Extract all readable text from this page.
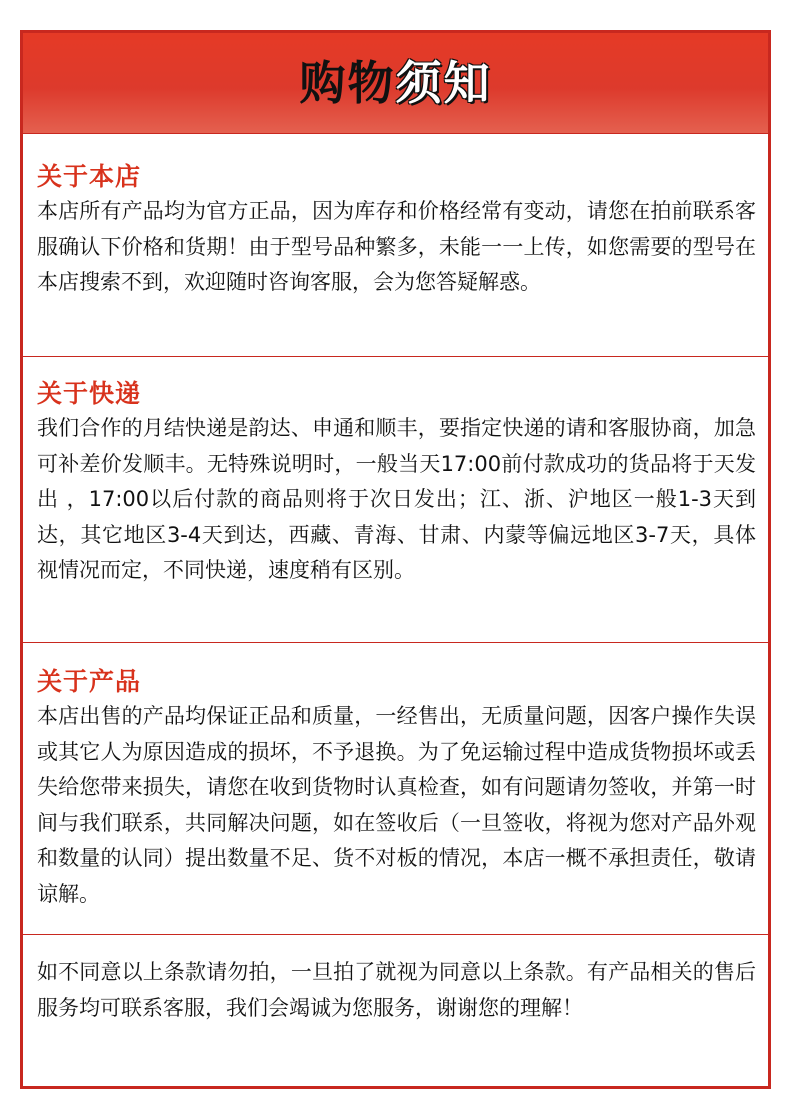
购物须知
关于本店
本店所有产品均为官方正品，因为库存和价格经常有变动，请您在拍前联系客服确认下价格和货期！由于型号品种繁多，未能一一上传，如您需要的型号在本店搜索不到，欢迎随时咨询客服，会为您答疑解惑。
关于快递
我们合作的月结快递是韵达、申通和顺丰，要指定快递的请和客服协商，加急可补差价发顺丰。无特殊说明时，一般当天17:00前付款成功的货品将于天发出 ，17:00以后付款的商品则将于次日发出；江、浙、沪地区一般1-3天到达，其它地区3-4天到达，西藏、青海、甘肃、内蒙等偏远地区3-7天，具体视情况而定，不同快递，速度稍有区别。
关于产品
本店出售的产品均保证正品和质量，一经售出，无质量问题，因客户操作失误或其它人为原因造成的损坏，不予退换。为了免运输过程中造成货物损坏或丢失给您带来损失，请您在收到货物时认真检查，如有问题请勿签收，并第一时间与我们联系，共同解决问题，如在签收后（一旦签收，将视为您对产品外观和数量的认同）提出数量不足、货不对板的情况，本店一概不承担责任，敬请谅解。
如不同意以上条款请勿拍，一旦拍了就视为同意以上条款。有产品相关的售后服务均可联系客服，我们会竭诚为您服务，谢谢您的理解！
